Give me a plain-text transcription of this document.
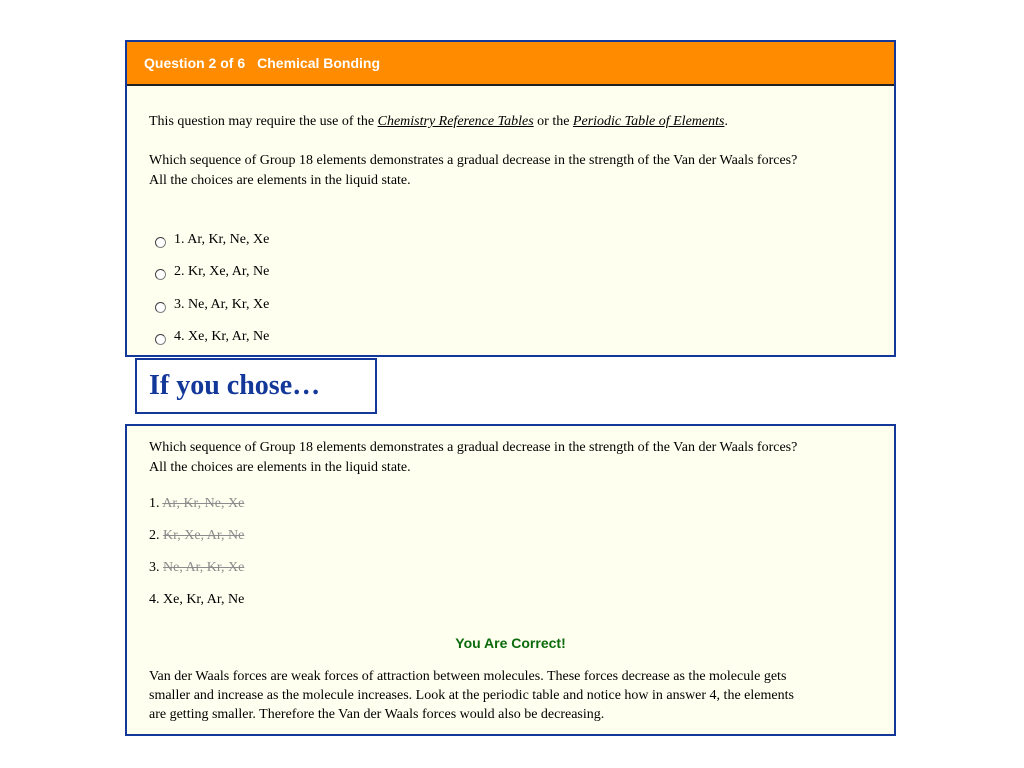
Question 2 of 6 Chemical Bonding
This question may require the use of the Chemistry Reference Tables or the Periodic Table of Elements.
Which sequence of Group 18 elements demonstrates a gradual decrease in the strength of the Van der Waals forces?
All the choices are elements in the liquid state.
1. Ar, Kr, Ne, Xe
2. Kr, Xe, Ar, Ne
3. Ne, Ar, Kr, Xe
4. Xe, Kr, Ar, Ne
If you chose…
Which sequence of Group 18 elements demonstrates a gradual decrease in the strength of the Van der Waals forces?
All the choices are elements in the liquid state.
1. Ar, Kr, Ne, Xe
2. Kr, Xe, Ar, Ne
3. Ne, Ar, Kr, Xe
4. Xe, Kr, Ar, Ne
You Are Correct!
Van der Waals forces are weak forces of attraction between molecules. These forces decrease as the molecule gets
smaller and increase as the molecule increases. Look at the periodic table and notice how in answer 4, the elements
are getting smaller. Therefore the Van der Waals forces would also be decreasing.
